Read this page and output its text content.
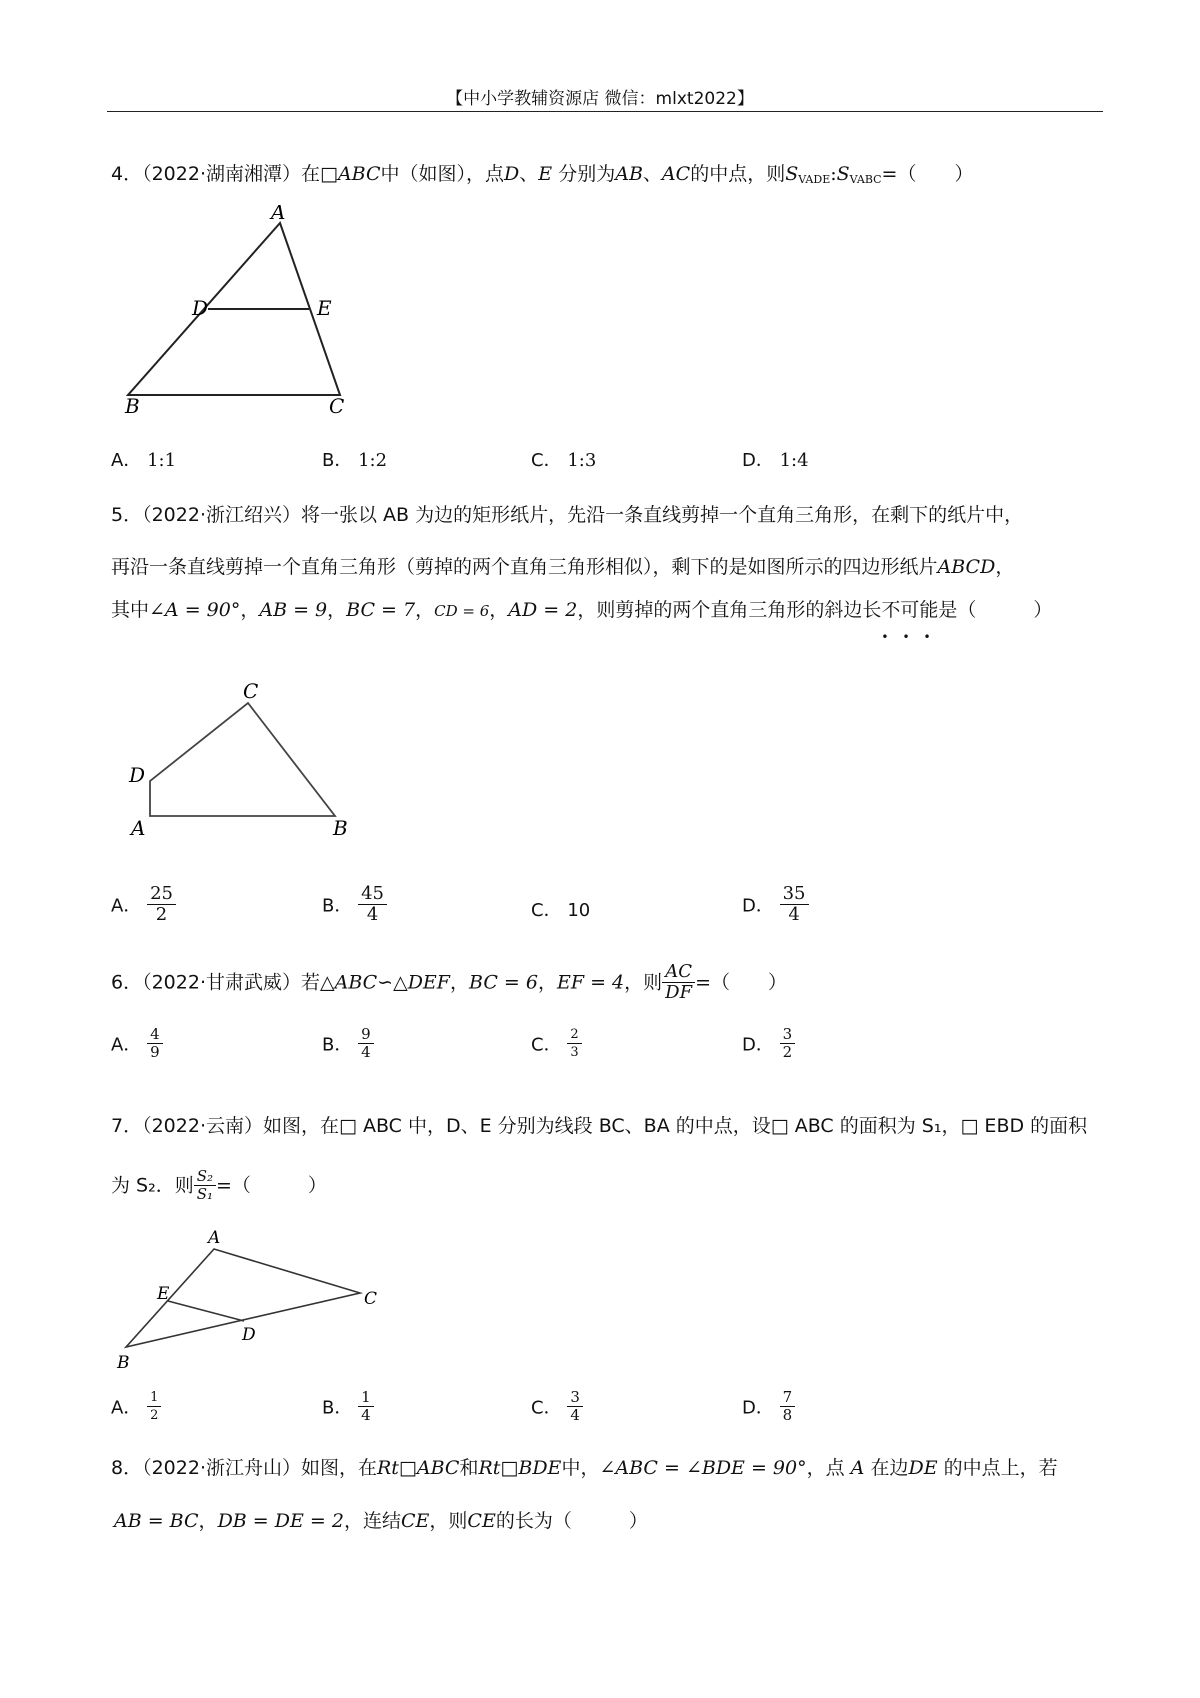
【中小学教辅资源店 微信：mlxt2022】
4．（2022·湖南湘潭）在□ABC中（如图），点D、E 分别为AB、AC的中点，则$S_{VADE}:S_{VABC}=$（　　）
A
D	E
B	C
A． 1:1	B． 1:2	C． 1:3	D． 1:4
5．（2022·浙江绍兴）将一张以 AB 为边的矩形纸片，先沿一条直线剪掉一个直角三角形，在剩下的纸片中，
再沿一条直线剪掉一个直角三角形（剪掉的两个直角三角形相似），剩下的是如图所示的四边形纸片ABCD，
其中∠A = 90°，AB = 9，BC = 7，CD = 6，AD = 2，则剪掉的两个直角三角形的斜边长不可能
•••
是（　　　）
C
D
A	B
A． $\frac{25}{2}$	B． $\frac{45}{4}$	C． 10	D． $\frac{35}{4}$
6．（2022·甘肃武威）若△ABC∽△DEF，BC = 6，EF = 4，则 $\frac{AC}{DF}$ =（　　）
A． $\frac{4}{9}$	B． $\frac{9}{4}$	C． $\frac{2}{3}$	D． $\frac{3}{2}$
7．（2022·云南）如图，在□ ABC 中，D、E 分别为线段 BC、BA 的中点，设□ ABC 的面积为 S₁，□ EBD 的面积
为 S₂．则 $\frac{\text{S₂}}{\text{S₁}}$ =（　　　）
A
E	C
D
B
A． $\frac{1}{2}$	B． $\frac{1}{4}$	C． $\frac{3}{4}$	D． $\frac{7}{8}$
8．（2022·浙江舟山）如图，在Rt□ABC和Rt□BDE中，∠ABC = ∠BDE = 90°，点 A 在边DE 的中点上，若
AB = BC，DB = DE = 2，连结CE，则CE的长为（　　　）
